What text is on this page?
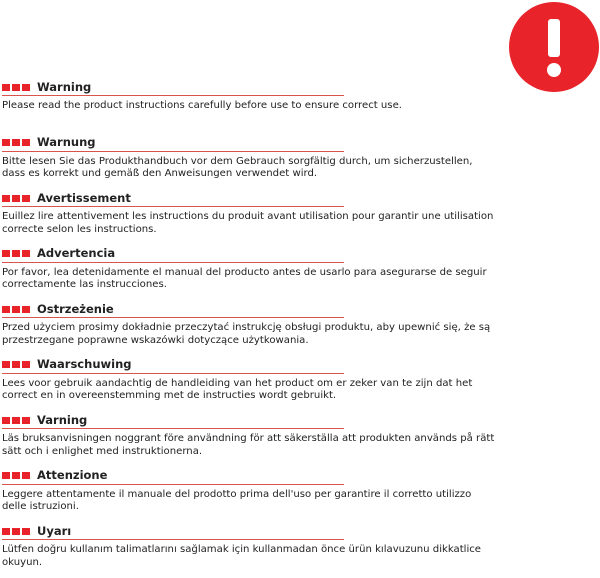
Warning
Please read the product instructions carefully before use to ensure correct use.
Warnung
Bitte lesen Sie das Produkthandbuch vor dem Gebrauch sorgfältig durch, um sicherzustellen, dass es korrekt und gemäß den Anweisungen verwendet wird.
Avertissement
Euillez lire attentivement les instructions du produit avant utilisation pour garantir une utilisation correcte selon les instructions.
Advertencia
Por favor, lea detenidamente el manual del producto antes de usarlo para asegurarse de seguir correctamente las instrucciones.
Ostrzeżenie
Przed użyciem prosimy dokładnie przeczytać instrukcję obsługi produktu, aby upewnić się, że są przestrzegane poprawne wskazówki dotyczące użytkowania.
Waarschuwing
Lees voor gebruik aandachtig de handleiding van het product om er zeker van te zijn dat het correct en in overeenstemming met de instructies wordt gebruikt.
Varning
Läs bruksanvisningen noggrant före användning för att säkerställa att produkten används på rätt sätt och i enlighet med instruktionerna.
Attenzione
Leggere attentamente il manuale del prodotto prima dell'uso per garantire il corretto utilizzo delle istruzioni.
Uyarı
Lütfen doğru kullanım talimatlarını sağlamak için kullanmadan önce ürün kılavuzunu dikkatlice okuyun.
